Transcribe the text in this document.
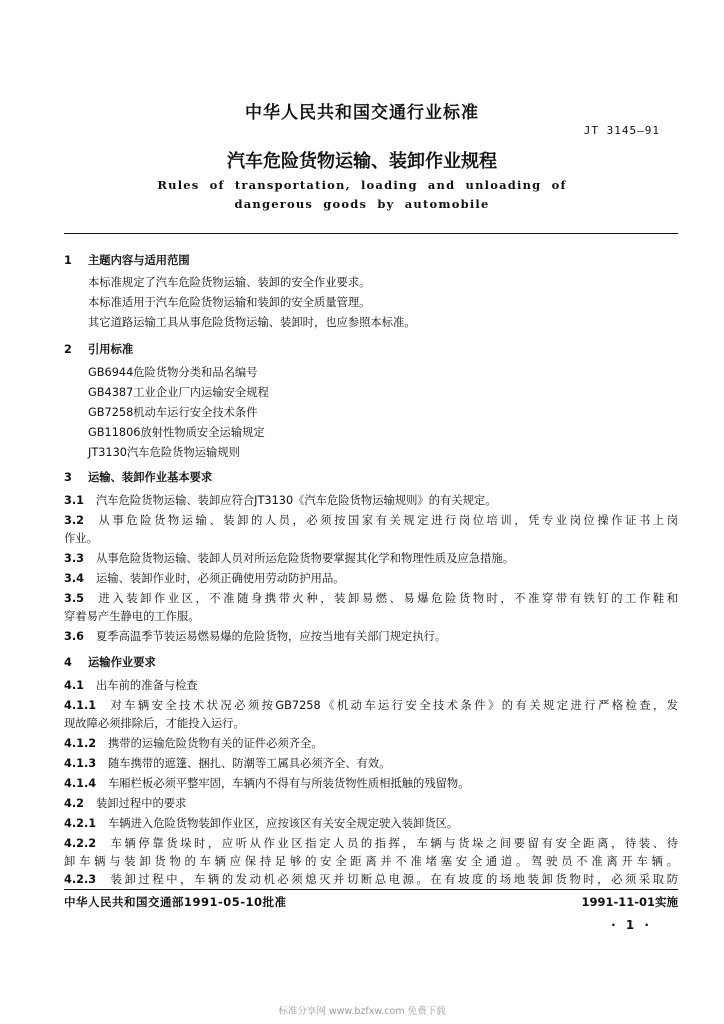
中华人民共和国交通行业标准
JT 3145—91
汽车危险货物运输、装卸作业规程
Rules of transportation, loading and unloading of
dangerous goods by automobile
1 主题内容与适用范围
本标准规定了汽车危险货物运输、装卸的安全作业要求。
本标准适用于汽车危险货物运输和装卸的安全质量管理。
其它道路运输工具从事危险货物运输、装卸时，也应参照本标准。
2 引用标准
GB6944危险货物分类和品名编号
GB4387工业企业厂内运输安全规程
GB7258机动车运行安全技术条件
GB11806放射性物质安全运输规定
JT3130汽车危险货物运输规则
3 运输、装卸作业基本要求
3.1 汽车危险货物运输、装卸应符合JT3130《汽车危险货物运输规则》的有关规定。
3.2 从事危险货物运输、装卸的人员，必须按国家有关规定进行岗位培训，凭专业岗位操作证书上岗
作业。
3.3 从事危险货物运输、装卸人员对所运危险货物要掌握其化学和物理性质及应急措施。
3.4 运输、装卸作业时，必须正确使用劳动防护用品。
3.5 进入装卸作业区，不准随身携带火种，装卸易燃、易爆危险货物时，不准穿带有铁钉的工作鞋和
穿着易产生静电的工作服。
3.6 夏季高温季节装运易燃易爆的危险货物，应按当地有关部门规定执行。
4 运输作业要求
4.1 出车前的准备与检查
4.1.1 对车辆安全技术状况必须按GB7258《机动车运行安全技术条件》的有关规定进行严格检查，发
现故障必须排除后，才能投入运行。
4.1.2 携带的运输危险货物有关的证件必须齐全。
4.1.3 随车携带的遮篷、捆扎、防潮等工属具必须齐全、有效。
4.1.4 车厢栏板必须平整牢固，车辆内不得有与所装货物性质相抵触的残留物。
4.2 装卸过程中的要求
4.2.1 车辆进入危险货物装卸作业区，应按该区有关安全规定驶入装卸货区。
4.2.2 车辆停靠货垛时，应听从作业区指定人员的指挥，车辆与货垛之间要留有安全距离，待装、待
卸车辆与装卸货物的车辆应保持足够的安全距离并不准堵塞安全通道。驾驶员不准离开车辆。
4.2.3 装卸过程中，车辆的发动机必须熄灭并切断总电源。在有坡度的场地装卸货物时，必须采取防
中华人民共和国交通部1991-05-10批准	1991-11-01实施
· 1 ·
标准分享网 www.bzfxw.com 免费下载
